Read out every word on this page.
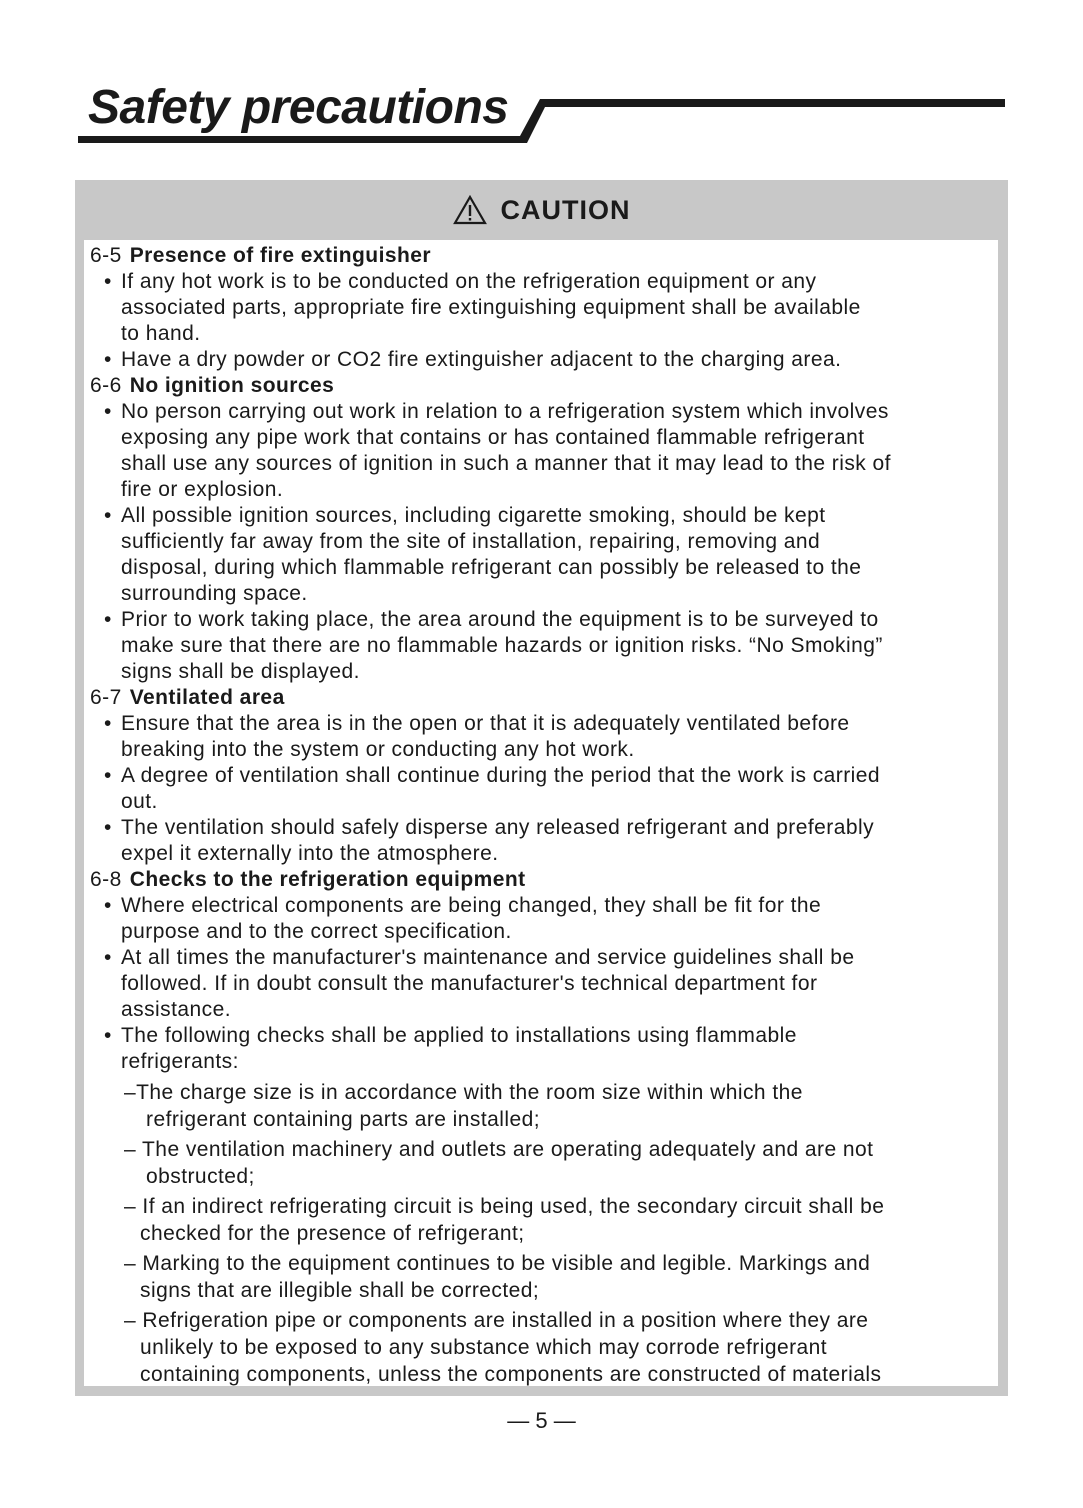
Safety precautions
CAUTION
6-5 Presence of fire extinguisher
• If any hot work is to be conducted on the refrigeration equipment or any
associated parts, appropriate fire extinguishing equipment shall be available
to hand.
• Have a dry powder or CO2 fire extinguisher adjacent to the charging area.
6-6 No ignition sources
• No person carrying out work in relation to a refrigeration system which involves
exposing any pipe work that contains or has contained flammable refrigerant
shall use any sources of ignition in such a manner that it may lead to the risk of
fire or explosion.
• All possible ignition sources, including cigarette smoking, should be kept
sufficiently far away from the site of installation, repairing, removing and
disposal, during which flammable refrigerant can possibly be released to the
surrounding space.
• Prior to work taking place, the area around the equipment is to be surveyed to
make sure that there are no flammable hazards or ignition risks. “No Smoking”
signs shall be displayed.
6-7 Ventilated area
• Ensure that the area is in the open or that it is adequately ventilated before
breaking into the system or conducting any hot work.
• A degree of ventilation shall continue during the period that the work is carried
out.
• The ventilation should safely disperse any released refrigerant and preferably
expel it externally into the atmosphere.
6-8 Checks to the refrigeration equipment
• Where electrical components are being changed, they shall be fit for the
purpose and to the correct specification.
• At all times the manufacturer's maintenance and service guidelines shall be
followed. If in doubt consult the manufacturer's technical department for
assistance.
• The following checks shall be applied to installations using flammable
refrigerants:
–The charge size is in accordance with the room size within which the
refrigerant containing parts are installed;
– The ventilation machinery and outlets are operating adequately and are not
obstructed;
– If an indirect refrigerating circuit is being used, the secondary circuit shall be
checked for the presence of refrigerant;
– Marking to the equipment continues to be visible and legible. Markings and
signs that are illegible shall be corrected;
– Refrigeration pipe or components are installed in a position where they are
unlikely to be exposed to any substance which may corrode refrigerant
containing components, unless the components are constructed of materials
— 5 —
